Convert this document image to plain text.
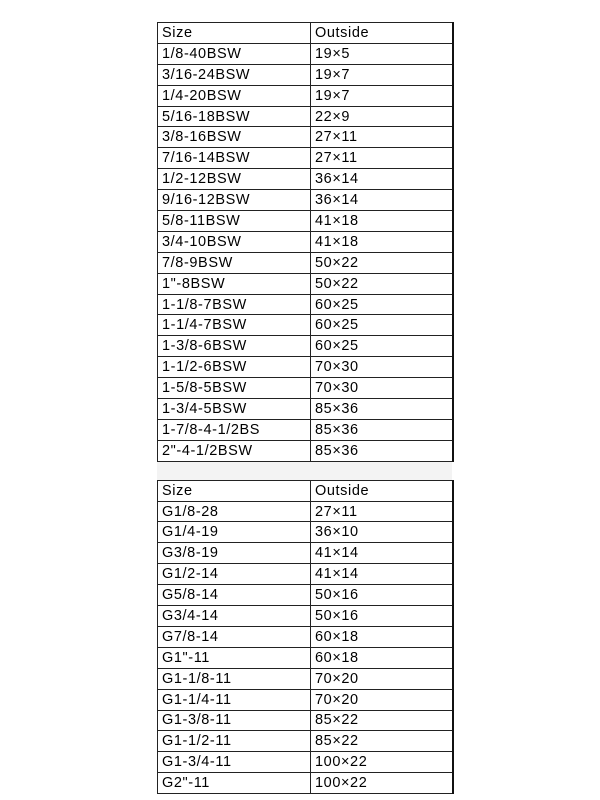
Size	Outside
1/8-40BSW	19×5
3/16-24BSW	19×7
1/4-20BSW	19×7
5/16-18BSW	22×9
3/8-16BSW	27×11
7/16-14BSW	27×11
1/2-12BSW	36×14
9/16-12BSW	36×14
5/8-11BSW	41×18
3/4-10BSW	41×18
7/8-9BSW	50×22
1"-8BSW	50×22
1-1/8-7BSW	60×25
1-1/4-7BSW	60×25
1-3/8-6BSW	60×25
1-1/2-6BSW	70×30
1-5/8-5BSW	70×30
1-3/4-5BSW	85×36
1-7/8-4-1/2BS	85×36
2"-4-1/2BSW	85×36
Size	Outside
G1/8-28	27×11
G1/4-19	36×10
G3/8-19	41×14
G1/2-14	41×14
G5/8-14	50×16
G3/4-14	50×16
G7/8-14	60×18
G1"-11	60×18
G1-1/8-11	70×20
G1-1/4-11	70×20
G1-3/8-11	85×22
G1-1/2-11	85×22
G1-3/4-11	100×22
G2"-11	100×22
